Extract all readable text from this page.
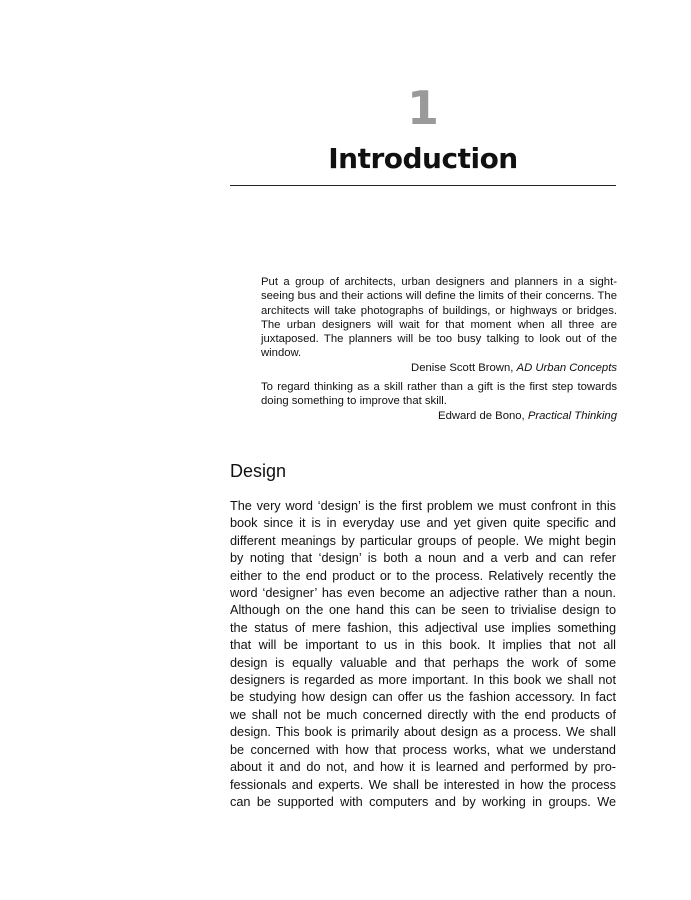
1
Introduction

Put a group of architects, urban designers and planners in a sight-seeing bus and their actions will define the limits of their concerns. The architects will take photographs of buildings, or highways or bridges. The urban designers will wait for that moment when all three are juxtaposed. The planners will be too busy talking to look out of the window.

Denise Scott Brown, AD Urban Concepts

To regard thinking as a skill rather than a gift is the first step towards doing something to improve that skill.

Edward de Bono, Practical Thinking

Design
The very word ‘design’ is the first problem we must confront in this
book since it is in everyday use and yet given quite specific and
different meanings by particular groups of people. We might begin
by noting that ‘design’ is both a noun and a verb and can refer
either to the end product or to the process. Relatively recently the
word ‘designer’ has even become an adjective rather than a noun.
Although on the one hand this can be seen to trivialise design to
the status of mere fashion, this adjectival use implies something
that will be important to us in this book. It implies that not all
design is equally valuable and that perhaps the work of some
designers is regarded as more important. In this book we shall not
be studying how design can offer us the fashion accessory. In fact
we shall not be much concerned directly with the end products of
design. This book is primarily about design as a process. We shall
be concerned with how that process works, what we understand
about it and do not, and how it is learned and performed by pro-
fessionals and experts. We shall be interested in how the process
can be supported with computers and by working in groups. We
